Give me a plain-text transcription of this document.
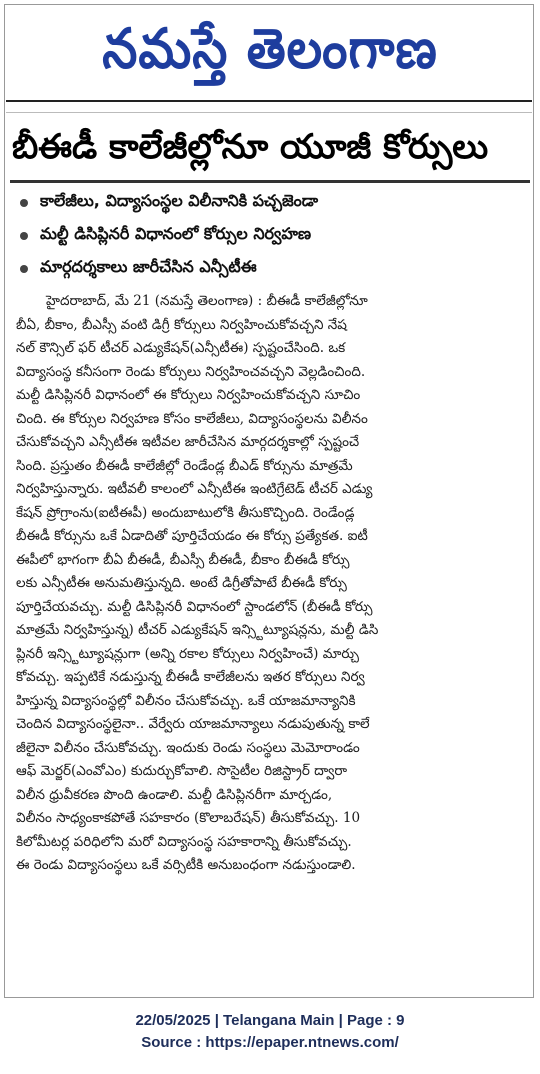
నమస్తే తెలంగాణ
బీఈడీ కాలేజీల్లోనూ యూజీ కోర్సులు
కాలేజీలు, విద్యాసంస్థల విలీనానికి పచ్చజెండా
మల్టీ డిసిప్లినరీ విధానంలో కోర్సుల నిర్వహణ
మార్గదర్శకాలు జారీచేసిన ఎన్సీటీఈ
హైదరాబాద్, మే 21 (నమస్తే తెలంగాణ) : బీఈడీ కాలేజీల్లోనూ
బీఏ, బీకాం, బీఎస్సీ వంటి డిగ్రీ కోర్సులు నిర్వహించుకోవచ్చని నేష
నల్ కౌన్సిల్ ఫర్ టీచర్ ఎడ్యుకేషన్(ఎన్సీటీఈ) స్పష్టంచేసింది. ఒక
విద్యాసంస్థ కనీసంగా రెండు కోర్సులు నిర్వహించవచ్చని వెల్లడించింది.
మల్టీ డిసిప్లినరీ విధానంలో ఈ కోర్సులు నిర్వహించుకోవచ్చని సూచిం
చింది. ఈ కోర్సుల నిర్వహణ కోసం కాలేజీలు, విద్యాసంస్థలను విలీనం
చేసుకోవచ్చని ఎన్సీటీఈ ఇటీవల జారీచేసిన మార్గదర్శకాల్లో స్పష్టంచే
సింది. ప్రస్తుతం బీఈడీ కాలేజీల్లో రెండేండ్ల బీఎడ్ కోర్సును మాత్రమే
నిర్వహిస్తున్నారు. ఇటీవలీ కాలంలో ఎన్సీటీఈ ఇంటిగ్రేటెడ్ టీచర్ ఎడ్యు
కేషన్ ప్రోగ్రాంను(ఐటీఈపీ) అందుబాటులోకి తీసుకొచ్చింది. రెండేండ్ల
బీఈడీ కోర్సును ఒకే ఏడాదితో పూర్తిచేయడం ఈ కోర్సు ప్రత్యేకత. ఐటీ
ఈపీలో భాగంగా బీఏ బీఈడీ, బీఎస్సీ బీఈడీ, బీకాం బీఈడీ కోర్సు
లకు ఎన్సీటీఈ అనుమతిస్తున్నది. అంటే డిగ్రీతోపాటే బీఈడీ కోర్సు
పూర్తిచేయవచ్చు. మల్టీ డిసిప్లినరీ విధానంలో స్టాండలోన్ (బీఈడీ కోర్సు
మాత్రమే నిర్వహిస్తున్న) టీచర్ ఎడ్యుకేషన్ ఇన్స్టిట్యూషన్లను, మల్టీ డిసి
ప్లినరీ ఇన్స్టిట్యూషన్లుగా (అన్ని రకాల కోర్సులు నిర్వహించే) మార్చు
కోవచ్చు. ఇప్పటికే నడుస్తున్న బీఈడీ కాలేజీలను ఇతర కోర్సులు నిర్వ
హిస్తున్న విద్యాసంస్థల్లో విలీనం చేసుకోవచ్చు. ఒకే యాజమాన్యానికి
చెందిన విద్యాసంస్థలైనా.. వేర్వేరు యాజమాన్యాలు నడుపుతున్న కాలే
జీలైనా విలీనం చేసుకోవచ్చు. ఇందుకు రెండు సంస్థలు మెమోరాండం
ఆఫ్ మెర్జర్(ఎంవోఎం) కుదుర్చుకోవాలి. సొసైటీల రిజిస్ట్రార్ ద్వారా
విలీన ధ్రువీకరణ పొంది ఉండాలి. మల్టీ డిసిప్లినరీగా మార్చడం,
విలీనం సాధ్యంకాకపోతే సహకారం (కొలాబరేషన్) తీసుకోవచ్చు. 10
కిలోమీటర్ల పరిధిలోని మరో విద్యాసంస్థ సహకారాన్ని తీసుకోవచ్చు.
ఈ రెండు విద్యాసంస్థలు ఒకే వర్సిటీకి అనుబంధంగా నడుస్తుండాలి.
22/05/2025 | Telangana Main | Page : 9
Source : https://epaper.ntnews.com/
